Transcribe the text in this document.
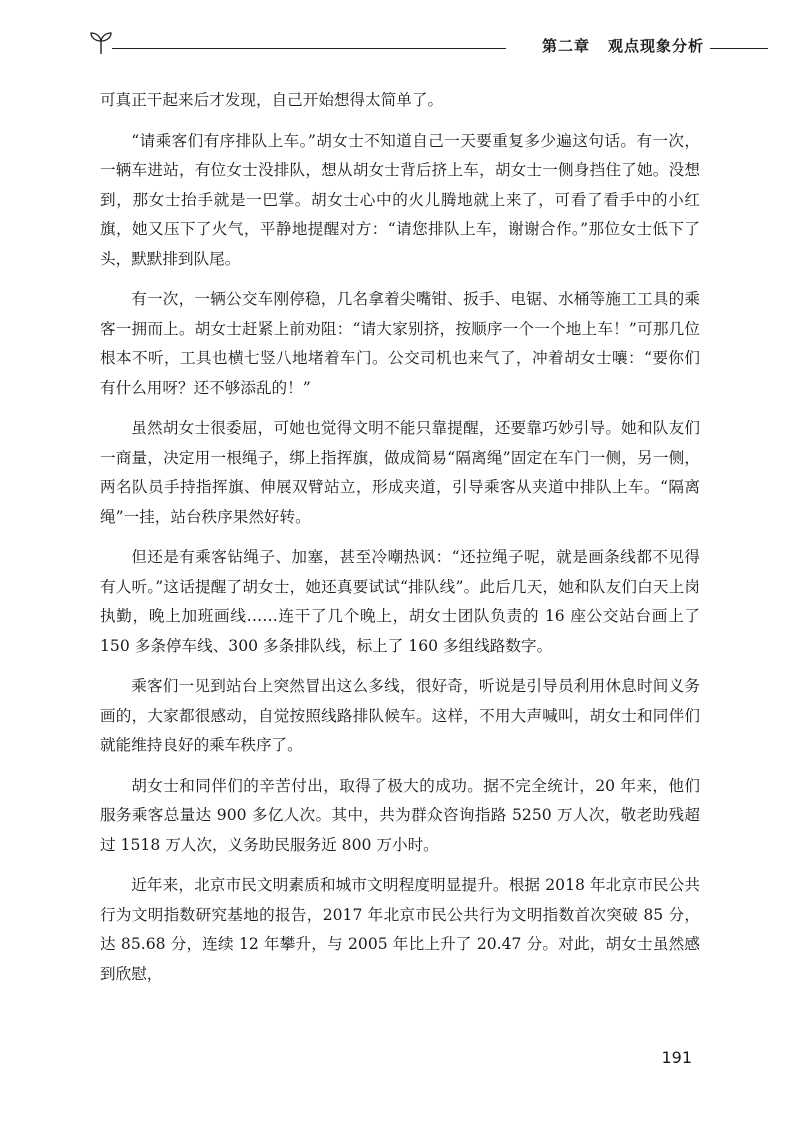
第二章 观点现象分析

可真正干起来后才发现，自己开始想得太简单了。

“请乘客们有序排队上车。”胡女士不知道自己一天要重复多少遍这句话。有一次，一辆车进站，有位女士没排队，想从胡女士背后挤上车，胡女士一侧身挡住了她。没想到，那女士抬手就是一巴掌。胡女士心中的火儿腾地就上来了，可看了看手中的小红旗，她又压下了火气，平静地提醒对方：“请您排队上车，谢谢合作。”那位女士低下了头，默默排到队尾。

有一次，一辆公交车刚停稳，几名拿着尖嘴钳、扳手、电锯、水桶等施工工具的乘客一拥而上。胡女士赶紧上前劝阻：“请大家别挤，按顺序一个一个地上车！”可那几位根本不听，工具也横七竖八地堵着车门。公交司机也来气了，冲着胡女士嚷：“要你们有什么用呀？还不够添乱的！”

虽然胡女士很委屈，可她也觉得文明不能只靠提醒，还要靠巧妙引导。她和队友们一商量，决定用一根绳子，绑上指挥旗，做成简易“隔离绳”固定在车门一侧，另一侧，两名队员手持指挥旗、伸展双臂站立，形成夹道，引导乘客从夹道中排队上车。“隔离绳”一挂，站台秩序果然好转。

但还是有乘客钻绳子、加塞，甚至冷嘲热讽：“还拉绳子呢，就是画条线都不见得有人听。”这话提醒了胡女士，她还真要试试“排队线”。此后几天，她和队友们白天上岗执勤，晚上加班画线……连干了几个晚上，胡女士团队负责的 16 座公交站台画上了 150 多条停车线、300 多条排队线，标上了 160 多组线路数字。

乘客们一见到站台上突然冒出这么多线，很好奇，听说是引导员利用休息时间义务画的，大家都很感动，自觉按照线路排队候车。这样，不用大声喊叫，胡女士和同伴们就能维持良好的乘车秩序了。

胡女士和同伴们的辛苦付出，取得了极大的成功。据不完全统计，20 年来，他们服务乘客总量达 900 多亿人次。其中，共为群众咨询指路 5250 万人次，敬老助残超过 1518 万人次，义务助民服务近 800 万小时。

近年来，北京市民文明素质和城市文明程度明显提升。根据 2018 年北京市民公共行为文明指数研究基地的报告，2017 年北京市民公共行为文明指数首次突破 85 分，达 85.68 分，连续 12 年攀升，与 2005 年比上升了 20.47 分。对此，胡女士虽然感到欣慰，

191
